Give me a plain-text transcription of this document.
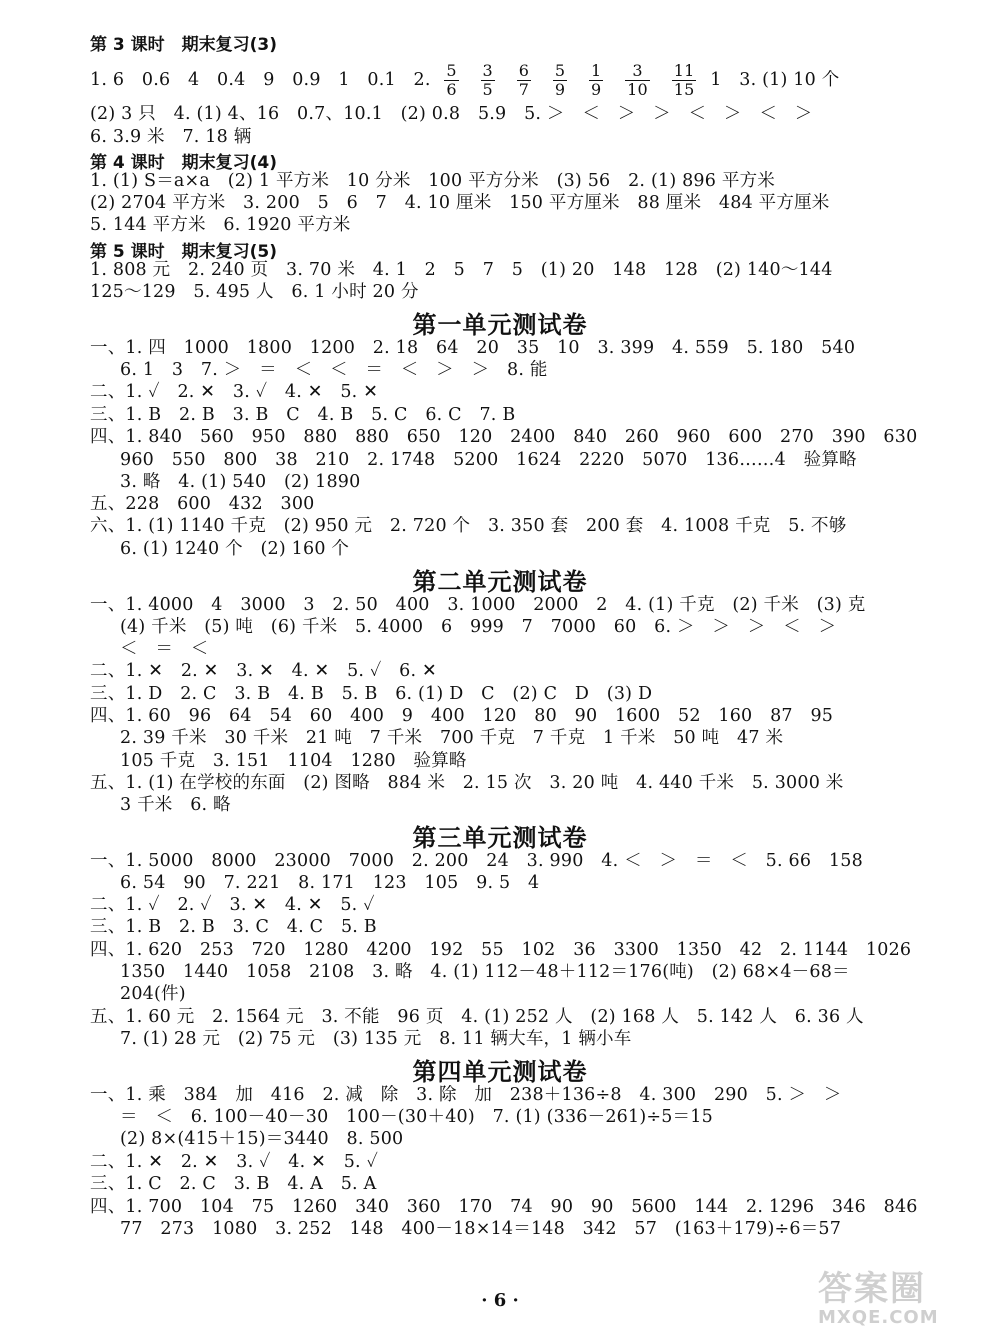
第 3 课时　期末复习(3)
1. 6　0.6　4　0.4　9　0.9　1　0.1　2. $\frac{5}{6}$
$\frac{3}{5}$
$\frac{6}{7}$
$\frac{5}{9}$
$\frac{1}{9}$
$\frac{3}{10}$
$\frac{11}{15} 1$　3. (1) 10 个
(2) 3 只　4. (1) 4、16　0.7、10.1　(2) 0.8　5.9　5. ＞　＜　＞　＞　＜　＞　＜　＞
6. 3.9 米　7. 18 辆
第 4 课时　期末复习(4)
1. (1) S＝a×a　(2) 1 平方米　10 分米　100 平方分米　(3) 56　2. (1) 896 平方米
(2) 2704 平方米　3. 200　5　6　7　4. 10 厘米　150 平方厘米　88 厘米　484 平方厘米
5. 144 平方米　6. 1920 平方米
第 5 课时　期末复习(5)
1. 808 元　2. 240 页　3. 70 米　4. 1　2　5　7　5　(1) 20　148　128　(2) 140～144
125～129　5. 495 人　6. 1 小时 20 分
第一单元测试卷
一、1. 四　1000　1800　1200　2. 18　64　20　35　10　3. 399　4. 559　5. 180　540
6. 1　3　7. ＞　＝　＜　＜　＝　＜　＞　＞　8. 能
二、1. ✓　2. ✕　3. ✓　4. ✕　5. ✕
三、1. B　2. B　3. B　C　4. B　5. C　6. C　7. B
四、1. 840　560　950　880　880　650　120　2400　840　260　960　600　270　390　630
960　550　800　38　210　2. 1748　5200　1624　2220　5070　136……4　验算略
3. 略　4. (1) 540　(2) 1890
五、228　600　432　300
六、1. (1) 1140 千克　(2) 950 元　2. 720 个　3. 350 套　200 套　4. 1008 千克　5. 不够
6. (1) 1240 个　(2) 160 个
第二单元测试卷
一、1. 4000　4　3000　3　2. 50　400　3. 1000　2000　2　4. (1) 千克　(2) 千米　(3) 克
(4) 千米　(5) 吨　(6) 千米　5. 4000　6　999　7　7000　60　6. ＞　＞　＞　＜　＞
＜　＝　＜
二、1. ✕　2. ✕　3. ✕　4. ✕　5. ✓　6. ✕
三、1. D　2. C　3. B　4. B　5. B　6. (1) D　C　(2) C　D　(3) D
四、1. 60　96　64　54　60　400　9　400　120　80　90　1600　52　160　87　95
2. 39 千米　30 千米　21 吨　7 千米　700 千克　7 千克　1 千米　50 吨　47 米
105 千克　3. 151　1104　1280　验算略
五、1. (1) 在学校的东面　(2) 图略　884 米　2. 15 次　3. 20 吨　4. 440 千米　5. 3000 米
3 千米　6. 略
第三单元测试卷
一、1. 5000　8000　23000　7000　2. 200　24　3. 990　4. ＜　＞　＝　＜　5. 66　158
6. 54　90　7. 221　8. 171　123　105　9. 5　4
二、1. ✓　2. ✓　3. ✕　4. ✕　5. ✓
三、1. B　2. B　3. C　4. C　5. B
四、1. 620　253　720　1280　4200　192　55　102　36　3300　1350　42　2. 1144　1026
1350　1440　1058　2108　3. 略　4. (1) 112－48＋112＝176(吨)　(2) 68×4－68＝
204(件)
五、1. 60 元　2. 1564 元　3. 不能　96 页　4. (1) 252 人　(2) 168 人　5. 142 人　6. 36 人
7. (1) 28 元　(2) 75 元　(3) 135 元　8. 11 辆大车，1 辆小车
第四单元测试卷
一、1. 乘　384　加　416　2. 减　除　3. 除　加　238＋136÷8　4. 300　290　5. ＞　＞
＝　＜　6. 100－40－30　100－(30＋40)　7. (1) (336－261)÷5＝15
(2) 8×(415＋15)＝3440　8. 500
二、1. ✕　2. ✕　3. ✓　4. ✕　5. ✓
三、1. C　2. C　3. B　4. A　5. A
四、1. 700　104　75　1260　340　360　170　74　90　90　5600　144　2. 1296　346　846
77　273　1080　3. 252　148　400－18×14＝148　342　57　(163＋179)÷6＝57
· 6 ·	答案圈
MXQE.COM
